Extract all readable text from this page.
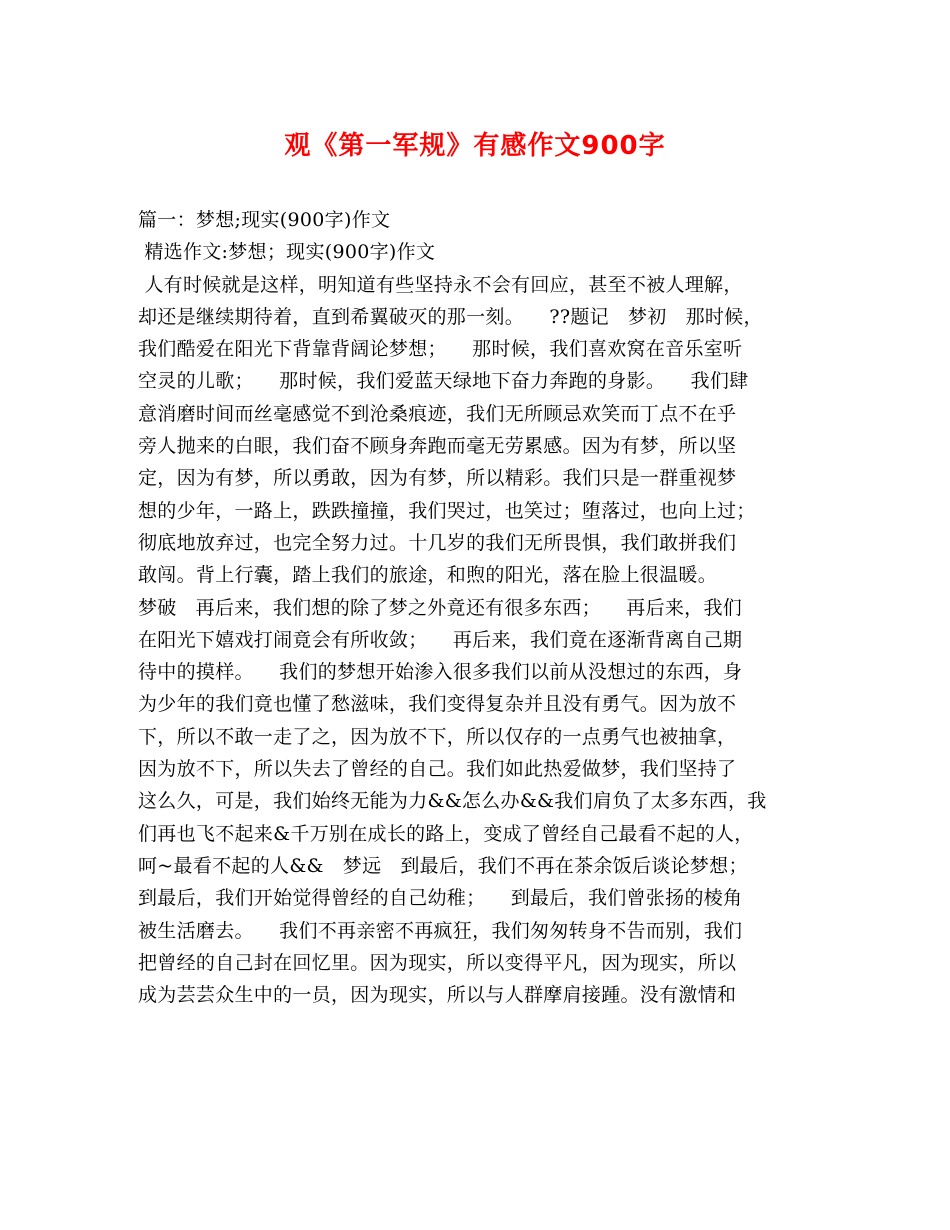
观《第一军规》有感作文900字
篇一：梦想;现实(900字)作文
精选作文:梦想；现实(900字)作文
人有时候就是这样，明知道有些坚持永不会有回应，甚至不被人理解，
却还是继续期待着，直到希翼破灭的那一刻。    ??题记   梦初   那时候，
我们酷爱在阳光下背靠背阔论梦想；    那时候，我们喜欢窝在音乐室听
空灵的儿歌；    那时候，我们爱蓝天绿地下奋力奔跑的身影。    我们肆
意消磨时间而丝毫感觉不到沧桑痕迹，我们无所顾忌欢笑而丁点不在乎
旁人抛来的白眼，我们奋不顾身奔跑而毫无劳累感。因为有梦，所以坚
定，因为有梦，所以勇敢，因为有梦，所以精彩。我们只是一群重视梦
想的少年，一路上，跌跌撞撞，我们哭过，也笑过；堕落过，也向上过；
彻底地放弃过，也完全努力过。十几岁的我们无所畏惧，我们敢拼我们
敢闯。背上行囊，踏上我们的旅途，和煦的阳光，落在脸上很温暖。
梦破   再后来，我们想的除了梦之外竟还有很多东西；    再后来，我们
在阳光下嬉戏打闹竟会有所收敛；    再后来，我们竟在逐渐背离自己期
待中的摸样。    我们的梦想开始渗入很多我们以前从没想过的东西，身
为少年的我们竟也懂了愁滋味，我们变得复杂并且没有勇气。因为放不
下，所以不敢一走了之，因为放不下，所以仅存的一点勇气也被抽拿，
因为放不下，所以失去了曾经的自己。我们如此热爱做梦，我们坚持了
这么久，可是，我们始终无能为力&&怎么办&&我们肩负了太多东西，我
们再也飞不起来&千万别在成长的路上，变成了曾经自己最看不起的人，
呵~最看不起的人&&   梦远   到最后，我们不再在茶余饭后谈论梦想；
到最后，我们开始觉得曾经的自己幼稚；    到最后，我们曾张扬的棱角
被生活磨去。    我们不再亲密不再疯狂，我们匆匆转身不告而别，我们
把曾经的自己封在回忆里。因为现实，所以变得平凡，因为现实，所以
成为芸芸众生中的一员，因为现实，所以与人群摩肩接踵。没有激情和
